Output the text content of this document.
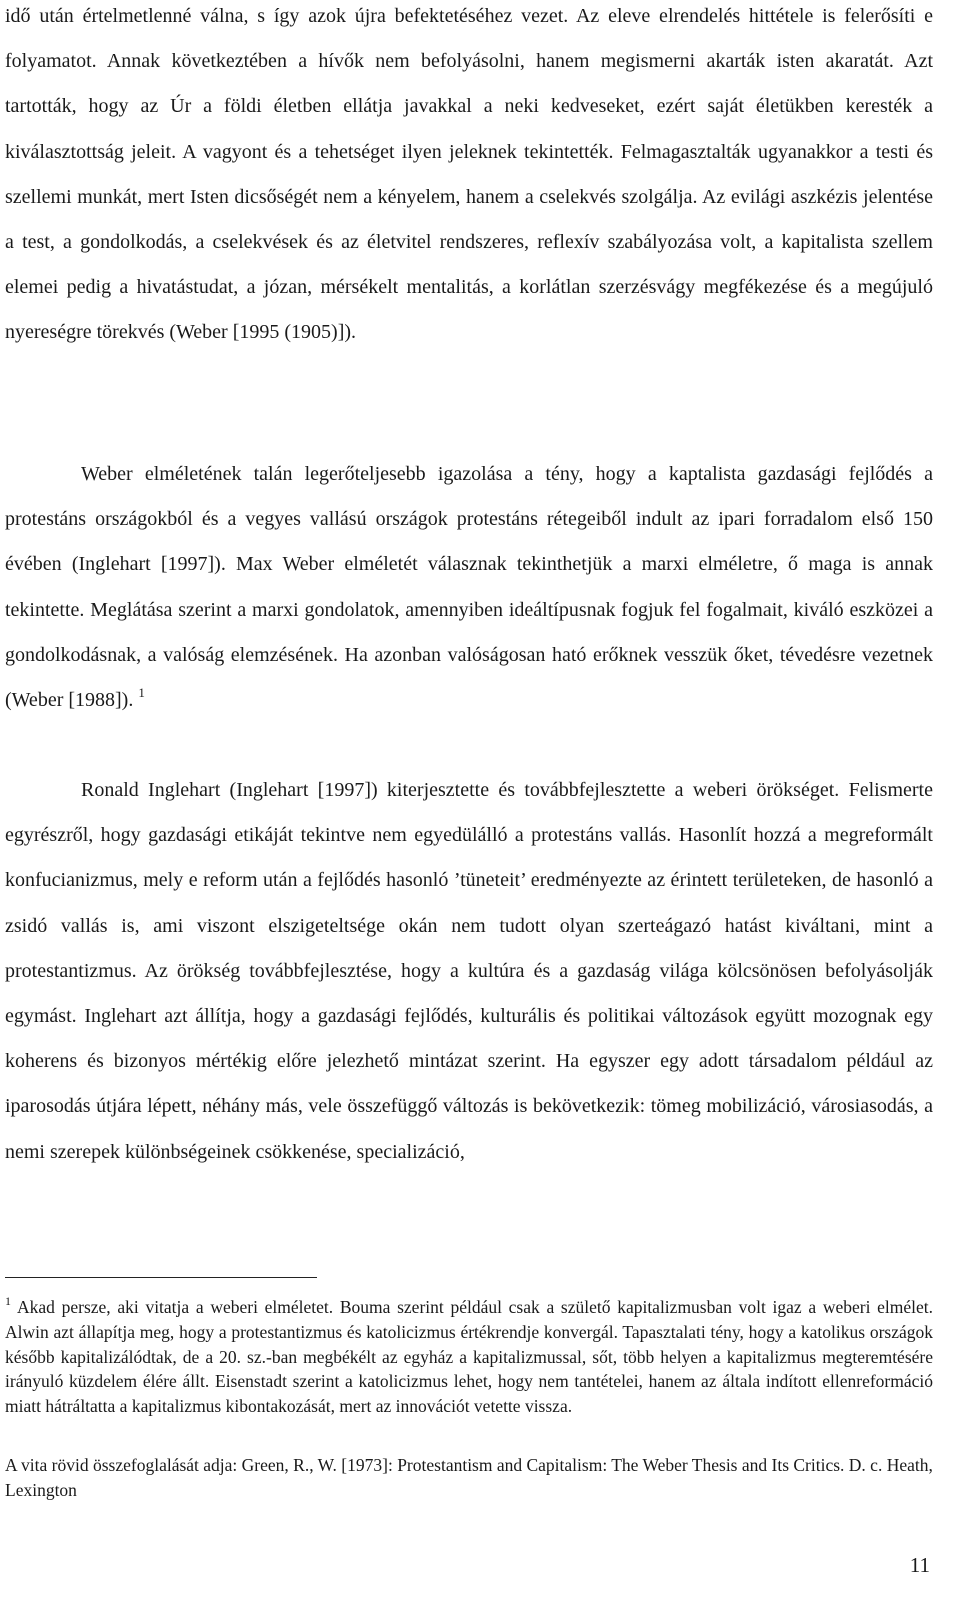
idő után értelmetlenné válna, s így azok újra befektetéséhez vezet. Az eleve elrendelés hittétele is felerősíti e folyamatot. Annak következtében a hívők nem befolyásolni, hanem megismerni akarták isten akaratát. Azt tartották, hogy az Úr a földi életben ellátja javakkal a neki kedveseket, ezért saját életükben keresték a kiválasztottság jeleit. A vagyont és a tehetséget ilyen jeleknek tekintették. Felmagasztalták ugyanakkor a testi és szellemi munkát, mert Isten dicsőségét nem a kényelem, hanem a cselekvés szolgálja. Az evilági aszkézis jelentése a test, a gondolkodás, a cselekvések és az életvitel rendszeres, reflexív szabályozása volt, a kapitalista szellem elemei pedig a hivatástudat, a józan, mérsékelt mentalitás, a korlátlan szerzésvágy megfékezése és a megújuló nyereségre törekvés (Weber [1995 (1905)]).

Weber elméletének talán legerőteljesebb igazolása a tény, hogy a kaptalista gazdasági fejlődés a protestáns országokból és a vegyes vallású országok protestáns rétegeiből indult az ipari forradalom első 150 évében (Inglehart [1997]). Max Weber elméletét válasznak tekinthetjük a marxi elméletre, ő maga is annak tekintette. Meglátása szerint a marxi gondolatok, amennyiben ideáltípusnak fogjuk fel fogalmait, kiváló eszközei a gondolkodásnak, a valóság elemzésének. Ha azonban valóságosan ható erőknek vesszük őket, tévedésre vezetnek (Weber [1988]). $^1$

Ronald Inglehart (Inglehart [1997]) kiterjesztette és továbbfejlesztette a weberi örökséget. Felismerte egyrészről, hogy gazdasági etikáját tekintve nem egyedülálló a protestáns vallás. Hasonlít hozzá a megreformált konfucianizmus, mely e reform után a fejlődés hasonló ’tüneteit’ eredményezte az érintett területeken, de hasonló a zsidó vallás is, ami viszont elszigeteltsége okán nem tudott olyan szerteágazó hatást kiváltani, mint a protestantizmus. Az örökség továbbfejlesztése, hogy a kultúra és a gazdaság világa kölcsönösen befolyásolják egymást. Inglehart azt állítja, hogy a gazdasági fejlődés, kulturális és politikai változások együtt mozognak egy koherens és bizonyos mértékig előre jelezhető mintázat szerint. Ha egyszer egy adott társadalom például az iparosodás útjára lépett, néhány más, vele összefüggő változás is bekövetkezik: tömeg mobilizáció, városiasodás, a nemi szerepek különbségeinek csökkenése, specializáció,

$^1$ Akad persze, aki vitatja a weberi elméletet. Bouma szerint például csak a születő kapitalizmusban volt igaz a weberi elmélet. Alwin azt állapítja meg, hogy a protestantizmus és katolicizmus értékrendje konvergál. Tapasztalati tény, hogy a katolikus országok később kapitalizálódtak, de a 20. sz.-ban megbékélt az egyház a kapitalizmussal, sőt, több helyen a kapitalizmus megteremtésére irányuló küzdelem élére állt. Eisenstadt szerint a katolicizmus lehet, hogy nem tantételei, hanem az általa indított ellenreformáció miatt hátráltatta a kapitalizmus kibontakozását, mert az innovációt vetette vissza.

A vita rövid összefoglalását adja: Green, R., W. [1973]: Protestantism and Capitalism: The Weber Thesis and Its Critics. D. c. Heath, Lexington

11
